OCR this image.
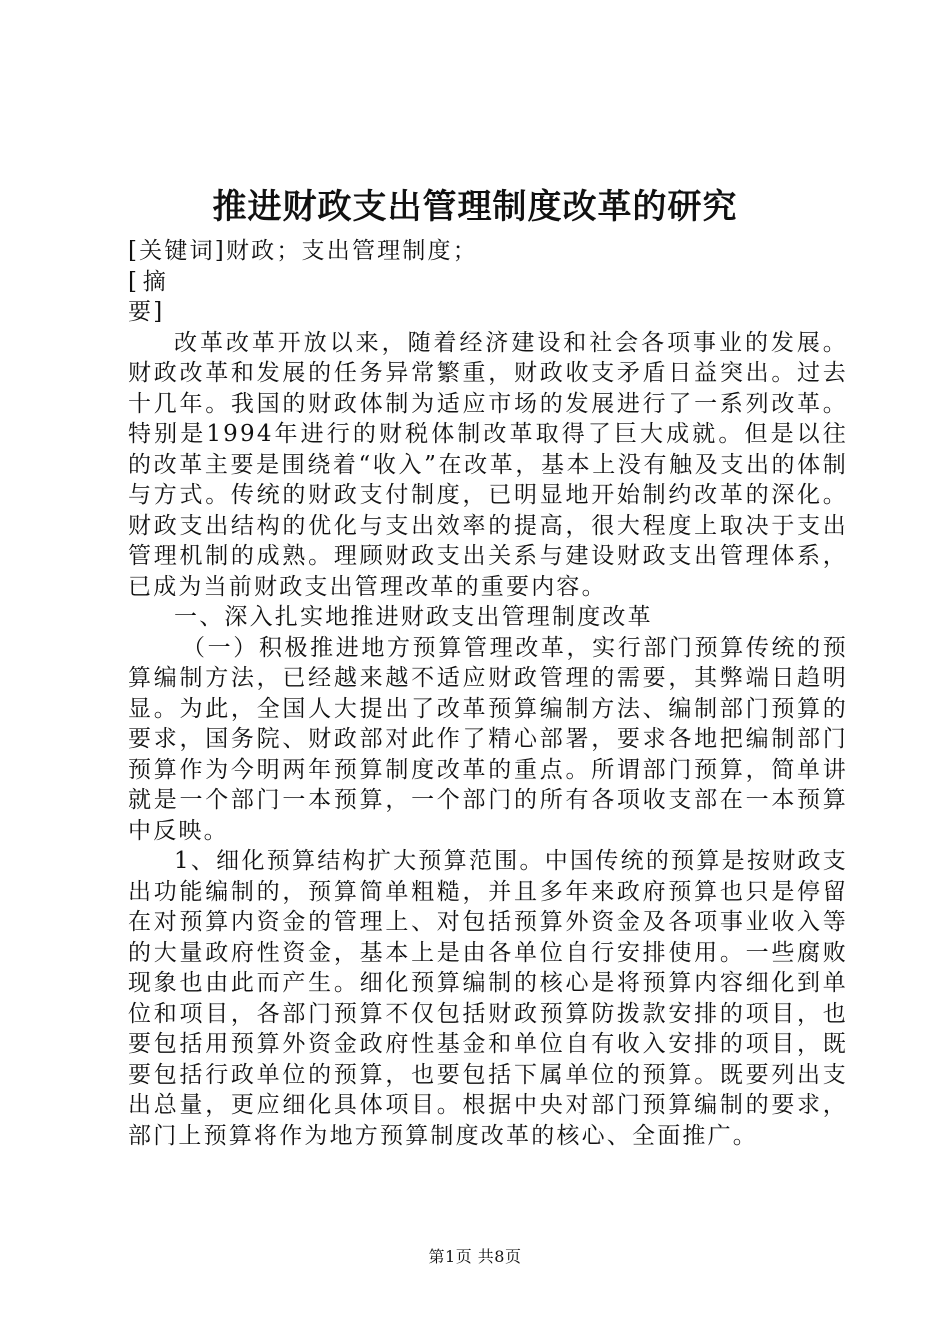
推进财政支出管理制度改革的研究

[关键词]财政；支出管理制度；

[摘要]

改革改革开放以来，随着经济建设和社会各项事业的发展。财政改革和发展的任务异常繁重，财政收支矛盾日益突出。过去十几年。我国的财政体制为适应市场的发展进行了一系列改革。特别是1994年进行的财税体制改革取得了巨大成就。但是以往的改革主要是围绕着“收入”在改革，基本上没有触及支出的体制与方式。传统的财政支付制度，已明显地开始制约改革的深化。财政支出结构的优化与支出效率的提高，很大程度上取决于支出管理机制的成熟。理顾财政支出关系与建设财政支出管理体系，已成为当前财政支出管理改革的重要内容。

一、深入扎实地推进财政支出管理制度改革

（一）积极推进地方预算管理改革，实行部门预算传统的预算编制方法，已经越来越不适应财政管理的需要，其弊端日趋明显。为此，全国人大提出了改革预算编制方法、编制部门预算的要求，国务院、财政部对此作了精心部署，要求各地把编制部门预算作为今明两年预算制度改革的重点。所谓部门预算，简单讲就是一个部门一本预算，一个部门的所有各项收支部在一本预算中反映。

1、细化预算结构扩大预算范围。中国传统的预算是按财政支出功能编制的，预算简单粗糙，并且多年来政府预算也只是停留在对预算内资金的管理上、对包括预算外资金及各项事业收入等的大量政府性资金，基本上是由各单位自行安排使用。一些腐败现象也由此而产生。细化预算编制的核心是将预算内容细化到单位和项目，各部门预算不仅包括财政预算防拨款安排的项目，也要包括用预算外资金政府性基金和单位自有收入安排的项目，既要包括行政单位的预算，也要包括下属单位的预算。既要列出支出总量，更应细化具体项目。根据中央对部门预算编制的要求，部门上预算将作为地方预算制度改革的核心、全面推广。

第1页 共8页
